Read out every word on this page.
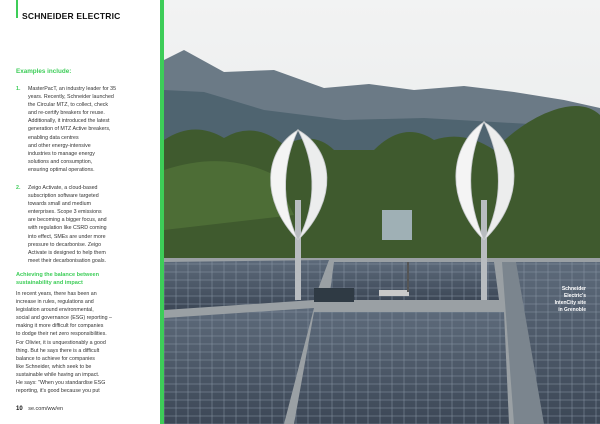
SCHNEIDER ELECTRIC
Examples include:
1. MasterPacT, an industry leader for 35
years. Recently, Schneider launched
the Circular MTZ, to collect, check
and re-certify breakers for reuse.
Additionally, it introduced the latest
generation of MTZ Active breakers,
enabling data centres
and other energy-intensive
industries to manage energy
solutions and consumption,
ensuring optimal operations.
2. Zeigo Activate, a cloud-based
subscription software targeted
towards small and medium
enterprises. Scope 3 emissions
are becoming a bigger focus, and
with regulation like CSRD coming
into effect, SMEs are under more
pressure to decarbonise. Zeigo
Activate is designed to help them
meet their decarbonisation goals.
Achieving the balance between
sustainability and impact
In recent years, there has been an
increase in rules, regulations and
legislation around environmental,
social and governance (ESG) reporting –
making it more difficult for companies
to dodge their net zero responsibilities.
For Olivier, it is unquestionably a good
thing. But he says there is a difficult
balance to achieve for companies
like Schneider, which seek to be
sustainable while having an impact.
He says: "When you standardise ESG
reporting, it's good because you put
10 se.com/ww/en
Schneider
Electric's
IntenCity site
in Grenoble
